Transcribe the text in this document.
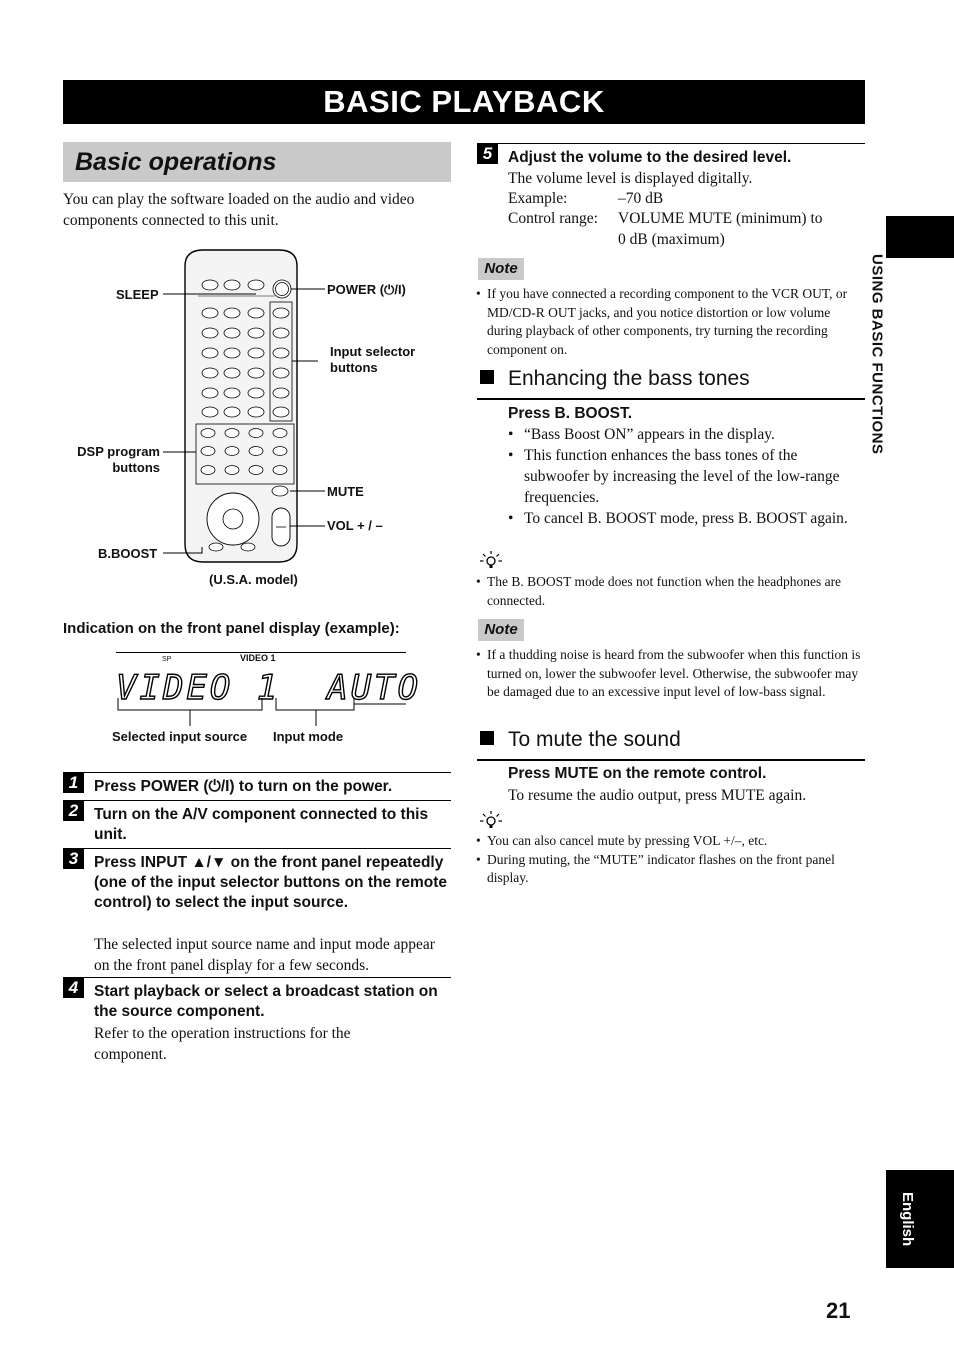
BASIC PLAYBACK
Basic operations
You can play the software loaded on the audio and video components connected to this unit.
SLEEP	POWER (⏻/I)
Input selector buttons
DSP program buttons
MUTE
VOL + / –
B.BOOST
(U.S.A. model)
Indication on the front panel display (example):
SP	VIDEO 1
VIDEO 1  AUTO
Selected input source Input mode
1	Press POWER (⏻/I) to turn on the power.
2	Turn on the A/V component connected to this unit.
3	Press INPUT ▲/▼ on the front panel repeatedly (one of the input selector buttons on the remote control) to select the input source.
The selected input source name and input mode appear on the front panel display for a few seconds.
4	Start playback or select a broadcast station on the source component.
Refer to the operation instructions for the component.
5	Adjust the volume to the desired level.
The volume level is displayed digitally.
Example:	–70 dB
Control range: VOLUME MUTE (minimum) to
0 dB (maximum)
Note
• If you have connected a recording component to the VCR OUT, or MD/CD-R OUT jacks, and you notice distortion or low volume during playback of other components, try turning the recording component on.
Enhancing the bass tones
Press B. BOOST.
• “Bass Boost ON” appears in the display.
• This function enhances the bass tones of the subwoofer by increasing the level of the low-range frequencies.
• To cancel B. BOOST mode, press B. BOOST again.
• The B. BOOST mode does not function when the headphones are connected.
Note
• If a thudding noise is heard from the subwoofer when this function is turned on, lower the subwoofer level. Otherwise, the subwoofer may be damaged due to an excessive input level of low-bass signal.
To mute the sound
Press MUTE on the remote control.
To resume the audio output, press MUTE again.
• You can also cancel mute by pressing VOL +/–, etc.
• During muting, the “MUTE” indicator flashes on the front panel display.
USING BASIC FUNCTIONS
English
21
